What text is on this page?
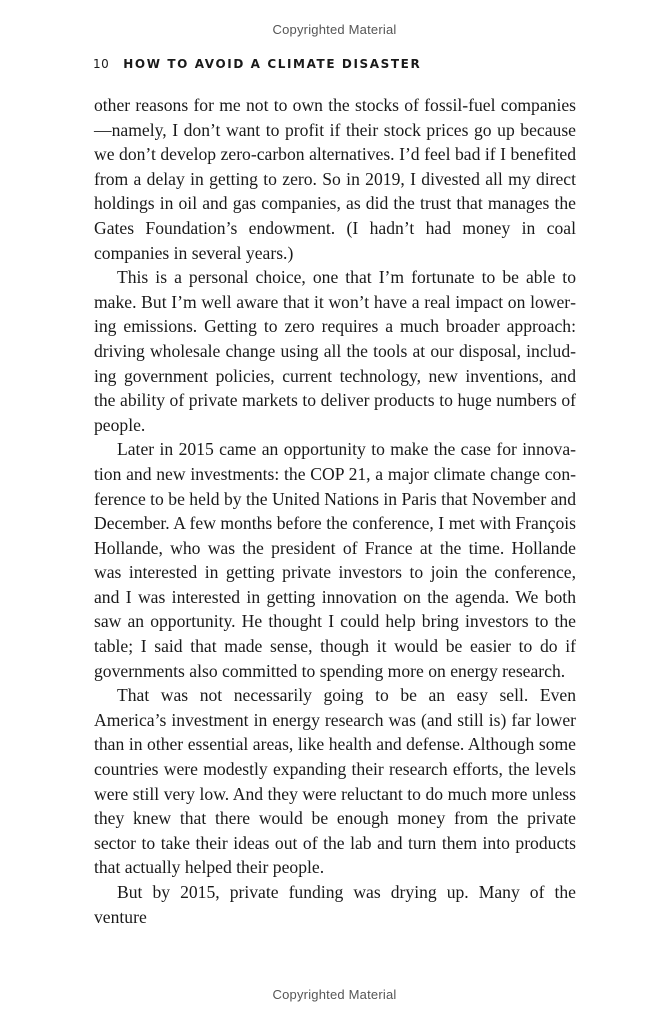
Copyrighted Material
10 HOW TO AVOID A CLIMATE DISASTER

other reasons for me not to own the stocks of fossil-fuel companies—namely, I don’t want to profit if their stock prices go up because we don’t develop zero-carbon alternatives. I’d feel bad if I benefited from a delay in getting to zero. So in 2019, I divested all my direct holdings in oil and gas companies, as did the trust that manages the Gates Foundation’s endowment. (I hadn’t had money in coal companies in several years.)

This is a personal choice, one that I’m fortunate to be able to make. But I’m well aware that it won’t have a real impact on lowering emissions. Getting to zero requires a much broader approach: driving wholesale change using all the tools at our disposal, including government policies, current technology, new inventions, and the ability of private markets to deliver products to huge numbers of people.

Later in 2015 came an opportunity to make the case for innovation and new investments: the COP 21, a major climate change conference to be held by the United Nations in Paris that November and December. A few months before the conference, I met with François Hollande, who was the president of France at the time. Hollande was interested in getting private investors to join the conference, and I was interested in getting innovation on the agenda. We both saw an opportunity. He thought I could help bring investors to the table; I said that made sense, though it would be easier to do if governments also committed to spending more on energy research.

That was not necessarily going to be an easy sell. Even America’s investment in energy research was (and still is) far lower than in other essential areas, like health and defense. Although some countries were modestly expanding their research efforts, the levels were still very low. And they were reluctant to do much more unless they knew that there would be enough money from the private sector to take their ideas out of the lab and turn them into products that actually helped their people.

But by 2015, private funding was drying up. Many of the venture

Copyrighted Material
